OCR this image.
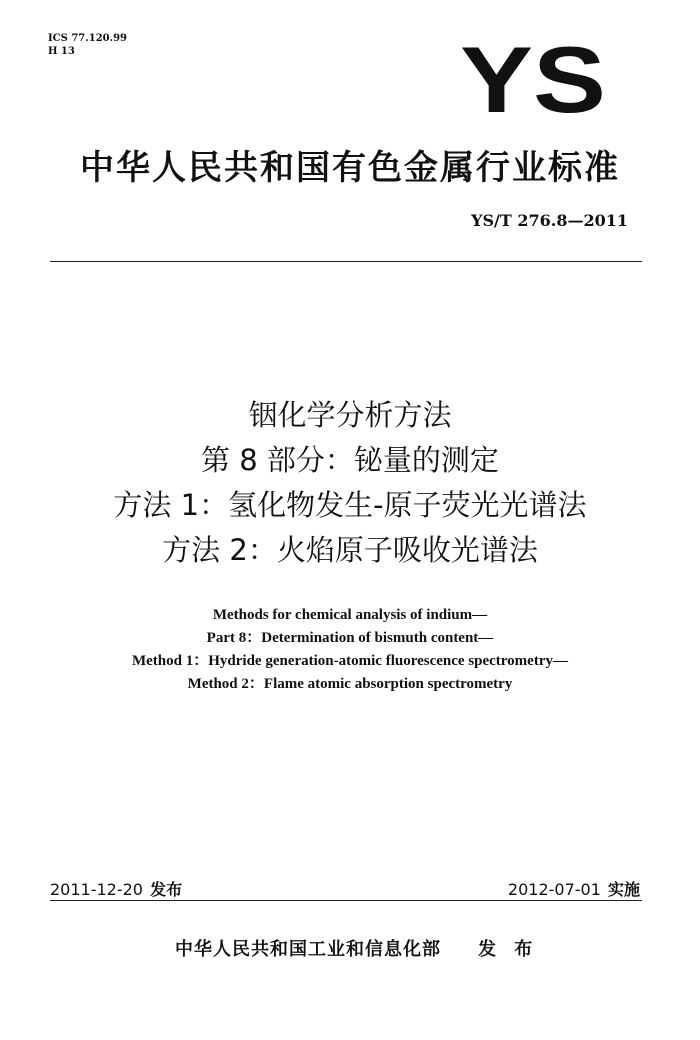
ICS 77.120.99
H 13	YS
中华人民共和国有色金属行业标准
YS/T 276.8—2011
铟化学分析方法
第 8 部分：铋量的测定
方法 1：氢化物发生-原子荧光光谱法
方法 2：火焰原子吸收光谱法
Methods for chemical analysis of indium—
Part 8：Determination of bismuth content—
Method 1：Hydride generation-atomic fluorescence spectrometry—
Method 2：Flame atomic absorption spectrometry
2011-12-20 发布	2012-07-01 实施
中华人民共和国工业和信息化部 发 布
